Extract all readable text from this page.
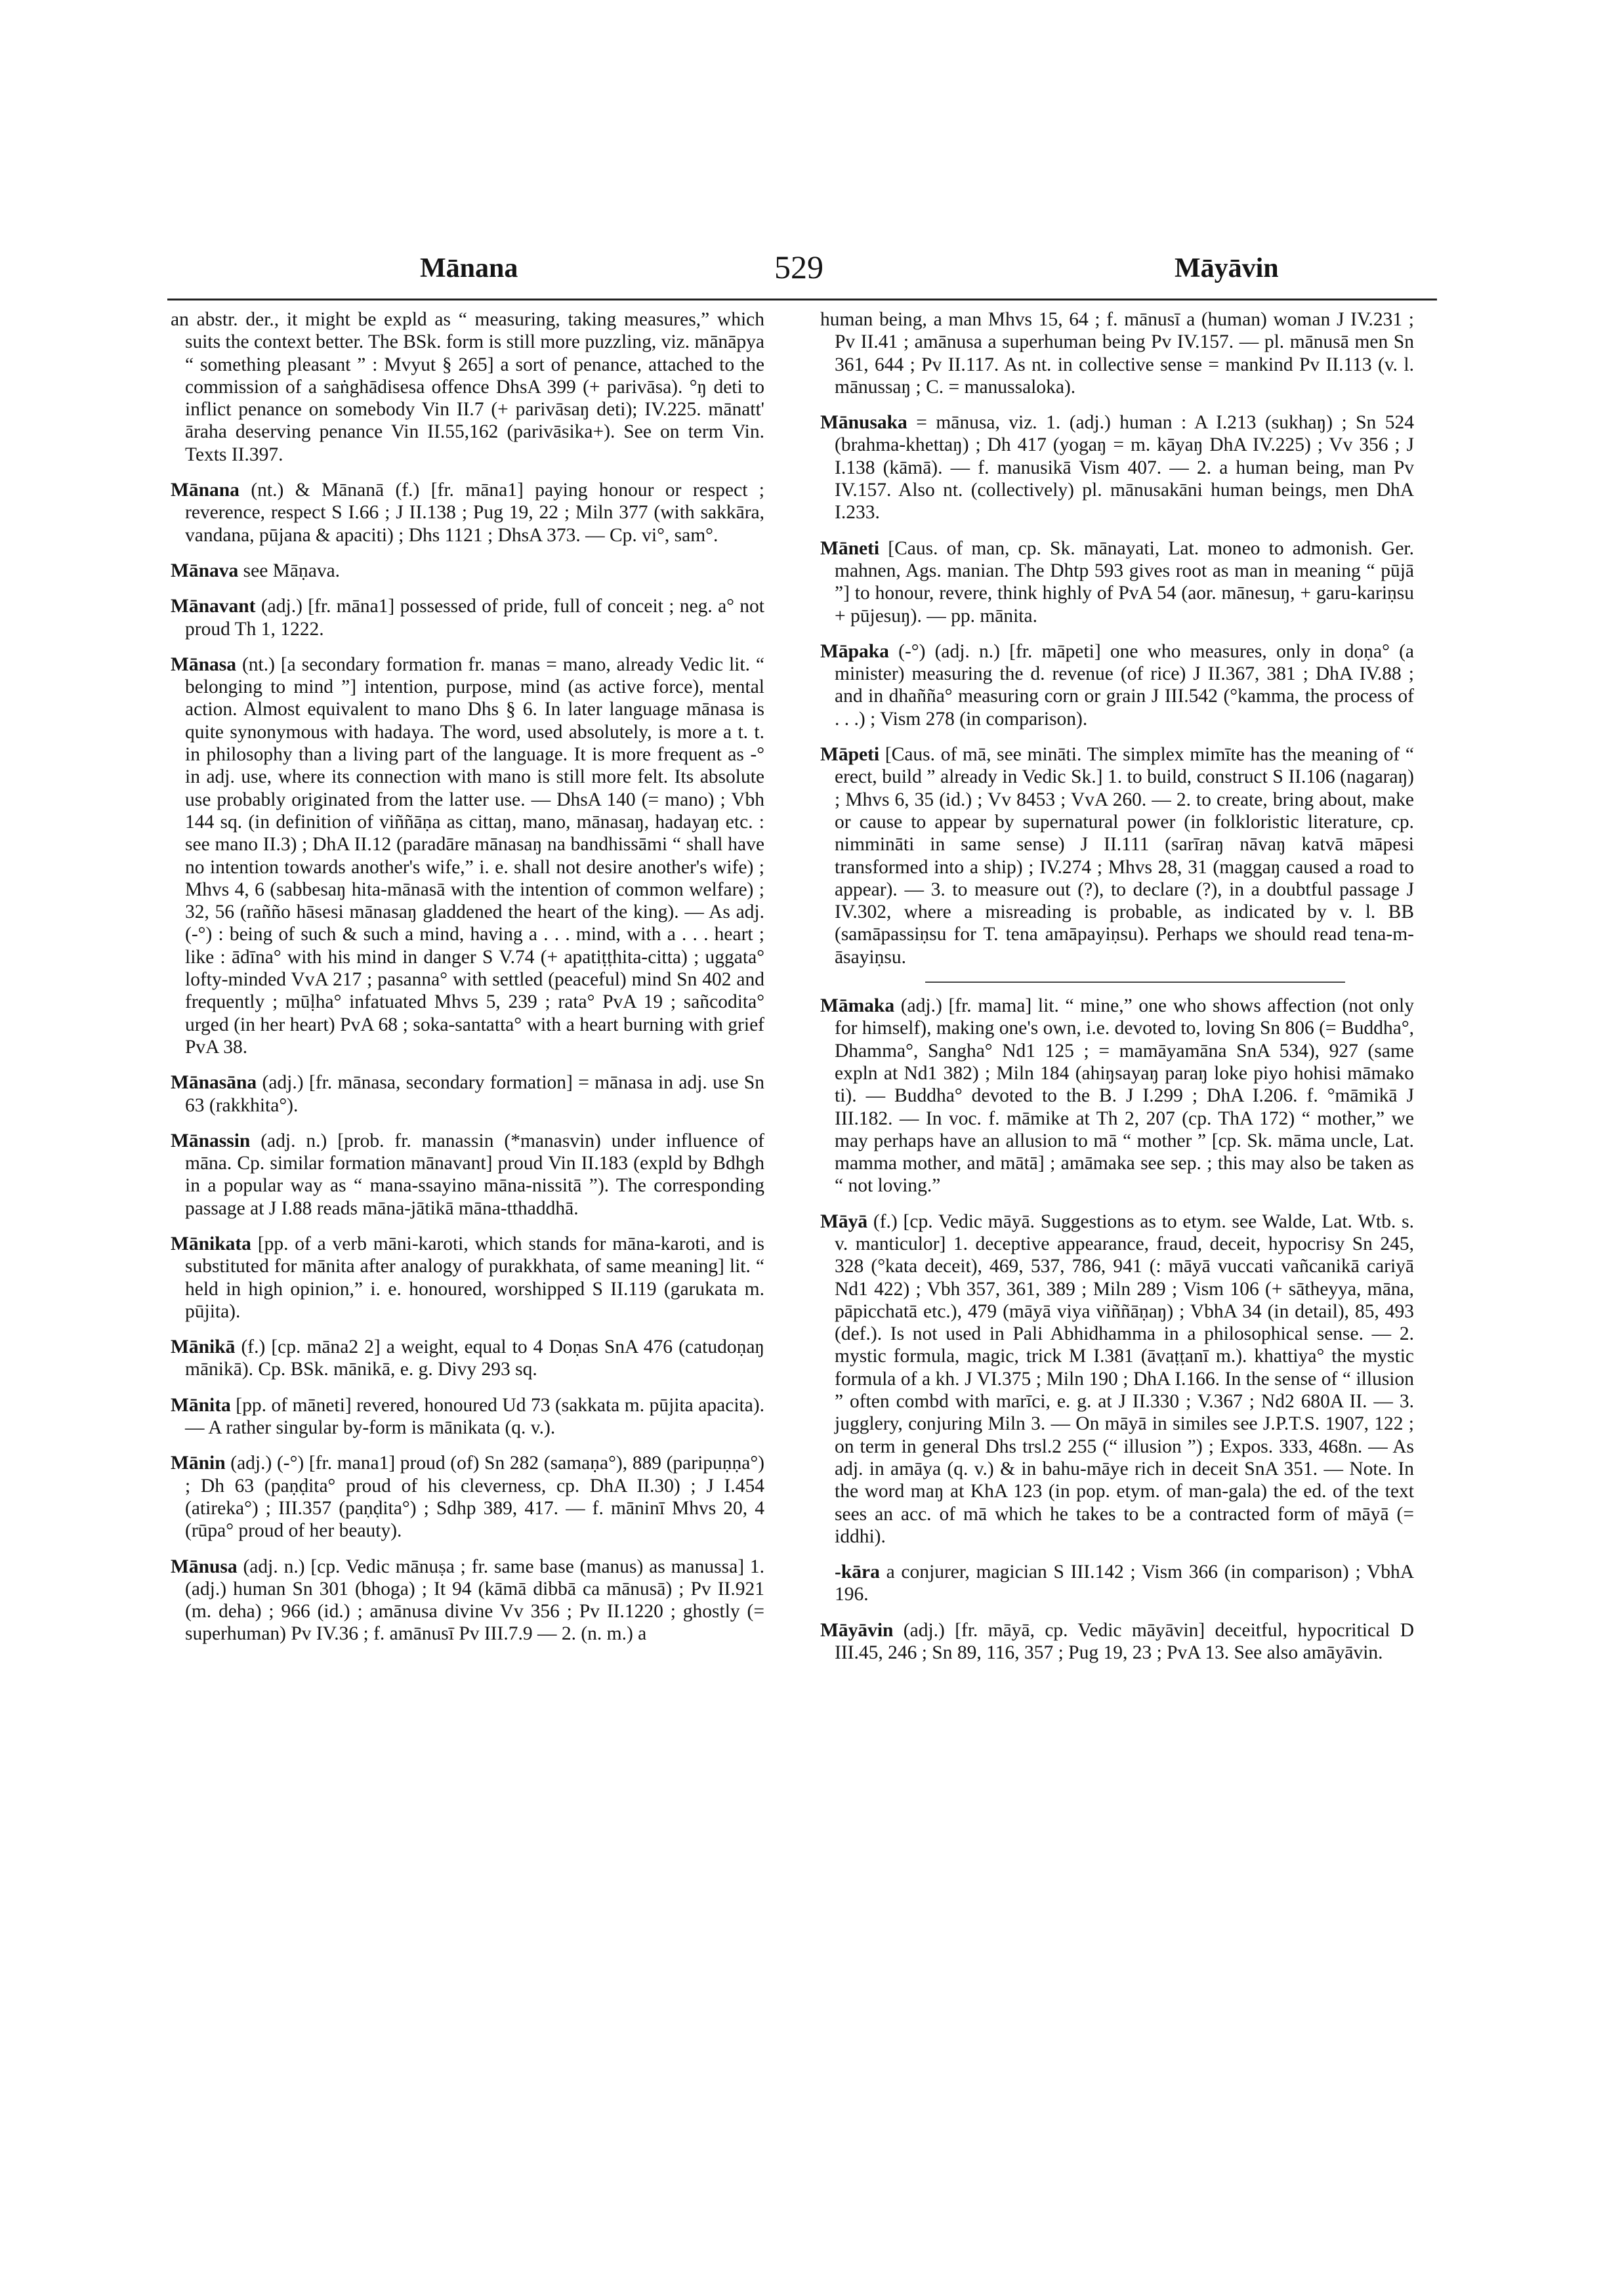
Mānana	529	Māyāvin

an abstr. der., it might be expld as “ measuring, taking measures,” which suits the context better. The BSk. form is still more puzzling, viz. mānāpya “ something pleasant ” : Mvyut § 265] a sort of penance, attached to the commission of a saṅghādisesa offence DhsA 399 (+ parivāsa). °ŋ deti to inflict penance on somebody Vin II.7 (+ parivāsaŋ deti); IV.225. mānatt' āraha deserving penance Vin II.55,162 (parivāsika+). See on term Vin. Texts II.397.

Mānana (nt.) & Mānanā (f.) [fr. māna1] paying honour or respect ; reverence, respect S I.66 ; J II.138 ; Pug 19, 22 ; Miln 377 (with sakkāra, vandana, pūjana & apaciti) ; Dhs 1121 ; DhsA 373. — Cp. vi°, sam°.

Mānava see Māṇava.

Mānavant (adj.) [fr. māna1] possessed of pride, full of conceit ; neg. a° not proud Th 1, 1222.

Mānasa (nt.) [a secondary formation fr. manas = mano, already Vedic lit. “ belonging to mind ”] intention, purpose, mind (as active force), mental action. Almost equivalent to mano Dhs § 6. In later language mānasa is quite synonymous with hadaya. The word, used absolutely, is more a t. t. in philosophy than a living part of the language. It is more frequent as -° in adj. use, where its connection with mano is still more felt. Its absolute use probably originated from the latter use. — DhsA 140 (= mano) ; Vbh 144 sq. (in definition of viññāṇa as cittaŋ, mano, mānasaŋ, hadayaŋ etc. : see mano II.3) ; DhA II.12 (paradāre mānasaŋ na bandhissāmi “ shall have no intention towards another's wife,” i. e. shall not desire another's wife) ; Mhvs 4, 6 (sabbesaŋ hita-mānasā with the intention of common welfare) ; 32, 56 (rañño hāsesi mānasaŋ gladdened the heart of the king). — As adj. (-°) : being of such & such a mind, having a . . . mind, with a . . . heart ; like : ādīna° with his mind in danger S V.74 (+ apatiṭṭhita-citta) ; uggata° lofty-minded VvA 217 ; pasanna° with settled (peaceful) mind Sn 402 and frequently ; mūḷha° infatuated Mhvs 5, 239 ; rata° PvA 19 ; sañcodita° urged (in her heart) PvA 68 ; soka-santatta° with a heart burning with grief PvA 38.

Mānasāna (adj.) [fr. mānasa, secondary formation] = mānasa in adj. use Sn 63 (rakkhita°).

Mānassin (adj. n.) [prob. fr. manassin (*manasvin) under influence of māna. Cp. similar formation mānavant] proud Vin II.183 (expld by Bdhgh in a popular way as “ mana-ssayino māna-nissitā ”). The corresponding passage at J I.88 reads māna-jātikā māna-tthaddhā.

Mānikata [pp. of a verb māni-karoti, which stands for māna-karoti, and is substituted for mānita after analogy of purakkhata, of same meaning] lit. “ held in high opinion,” i. e. honoured, worshipped S II.119 (garukata m. pūjita).

Mānikā (f.) [cp. māna2 2] a weight, equal to 4 Doṇas SnA 476 (catudoṇaŋ mānikā). Cp. BSk. mānikā, e. g. Divy 293 sq.

Mānita [pp. of māneti] revered, honoured Ud 73 (sakkata m. pūjita apacita). — A rather singular by-form is mānikata (q. v.).

Mānin (adj.) (-°) [fr. mana1] proud (of) Sn 282 (samaṇa°), 889 (paripuṇṇa°) ; Dh 63 (paṇḍita° proud of his cleverness, cp. DhA II.30) ; J I.454 (atireka°) ; III.357 (paṇḍita°) ; Sdhp 389, 417. — f. māninī Mhvs 20, 4 (rūpa° proud of her beauty).

Mānusa (adj. n.) [cp. Vedic mānuṣa ; fr. same base (manus) as manussa] 1. (adj.) human Sn 301 (bhoga) ; It 94 (kāmā dibbā ca mānusā) ; Pv II.921 (m. deha) ; 966 (id.) ; amānusa divine Vv 356 ; Pv II.1220 ; ghostly (= superhuman) Pv IV.36 ; f. amānusī Pv III.7.9 — 2. (n. m.) a

human being, a man Mhvs 15, 64 ; f. mānusī a (human) woman J IV.231 ; Pv II.41 ; amānusa a superhuman being Pv IV.157. — pl. mānusā men Sn 361, 644 ; Pv II.117. As nt. in collective sense = mankind Pv II.113 (v. l. mānussaŋ ; C. = manussaloka).

Mānusaka = mānusa, viz. 1. (adj.) human : A I.213 (sukhaŋ) ; Sn 524 (brahma-khettaŋ) ; Dh 417 (yogaŋ = m. kāyaŋ DhA IV.225) ; Vv 356 ; J I.138 (kāmā). — f. manusikā Vism 407. — 2. a human being, man Pv IV.157. Also nt. (collectively) pl. mānusakāni human beings, men DhA I.233.

Māneti [Caus. of man, cp. Sk. mānayati, Lat. moneo to admonish. Ger. mahnen, Ags. manian. The Dhtp 593 gives root as man in meaning “ pūjā ”] to honour, revere, think highly of PvA 54 (aor. mānesuŋ, + garu-kariṇsu + pūjesuŋ). — pp. mānita.

Māpaka (-°) (adj. n.) [fr. māpeti] one who measures, only in doṇa° (a minister) measuring the d. revenue (of rice) J II.367, 381 ; DhA IV.88 ; and in dhañña° measuring corn or grain J III.542 (°kamma, the process of . . .) ; Vism 278 (in comparison).

Māpeti [Caus. of mā, see mināti. The simplex mimīte has the meaning of “ erect, build ” already in Vedic Sk.] 1. to build, construct S II.106 (nagaraŋ) ; Mhvs 6, 35 (id.) ; Vv 8453 ; VvA 260. — 2. to create, bring about, make or cause to appear by supernatural power (in folkloristic literature, cp. nimmināti in same sense) J II.111 (sarīraŋ nāvaŋ katvā māpesi transformed into a ship) ; IV.274 ; Mhvs 28, 31 (maggaŋ caused a road to appear). — 3. to measure out (?), to declare (?), in a doubtful passage J IV.302, where a misreading is probable, as indicated by v. l. BB (samāpassiṇsu for T. tena amāpayiṇsu). Perhaps we should read tena-m-āsayiṇsu.

Māmaka (adj.) [fr. mama] lit. “ mine,” one who shows affection (not only for himself), making one's own, i.e. devoted to, loving Sn 806 (= Buddha°, Dhamma°, Sangha° Nd1 125 ; = mamāyamāna SnA 534), 927 (same expln at Nd1 382) ; Miln 184 (ahiŋsayaŋ paraŋ loke piyo hohisi māmako ti). — Buddha° devoted to the B. J I.299 ; DhA I.206. f. °māmikā J III.182. — In voc. f. māmike at Th 2, 207 (cp. ThA 172) “ mother,” we may perhaps have an allusion to mā “ mother ” [cp. Sk. māma uncle, Lat. mamma mother, and mātā] ; amāmaka see sep. ; this may also be taken as “ not loving.”

Māyā (f.) [cp. Vedic māyā. Suggestions as to etym. see Walde, Lat. Wtb. s. v. manticulor] 1. deceptive appearance, fraud, deceit, hypocrisy Sn 245, 328 (°kata deceit), 469, 537, 786, 941 (: māyā vuccati vañcanikā cariyā Nd1 422) ; Vbh 357, 361, 389 ; Miln 289 ; Vism 106 (+ sātheyya, māna, pāpicchatā etc.), 479 (māyā viya viññāṇaŋ) ; VbhA 34 (in detail), 85, 493 (def.). Is not used in Pali Abhidhamma in a philosophical sense. — 2. mystic formula, magic, trick M I.381 (āvaṭṭanī m.). khattiya° the mystic formula of a kh. J VI.375 ; Miln 190 ; DhA I.166. In the sense of “ illusion ” often combd with marīci, e. g. at J II.330 ; V.367 ; Nd2 680A II. — 3. jugglery, conjuring Miln 3. — On māyā in similes see J.P.T.S. 1907, 122 ; on term in general Dhs trsl.2 255 (“ illusion ”) ; Expos. 333, 468n. — As adj. in amāya (q. v.) & in bahu-māye rich in deceit SnA 351. — Note. In the word maŋ at KhA 123 (in pop. etym. of man-gala) the ed. of the text sees an acc. of mā which he takes to be a contracted form of māyā (= iddhi).

-kāra a conjurer, magician S III.142 ; Vism 366 (in comparison) ; VbhA 196.

Māyāvin (adj.) [fr. māyā, cp. Vedic māyāvin] deceitful, hypocritical D III.45, 246 ; Sn 89, 116, 357 ; Pug 19, 23 ; PvA 13. See also amāyāvin.
